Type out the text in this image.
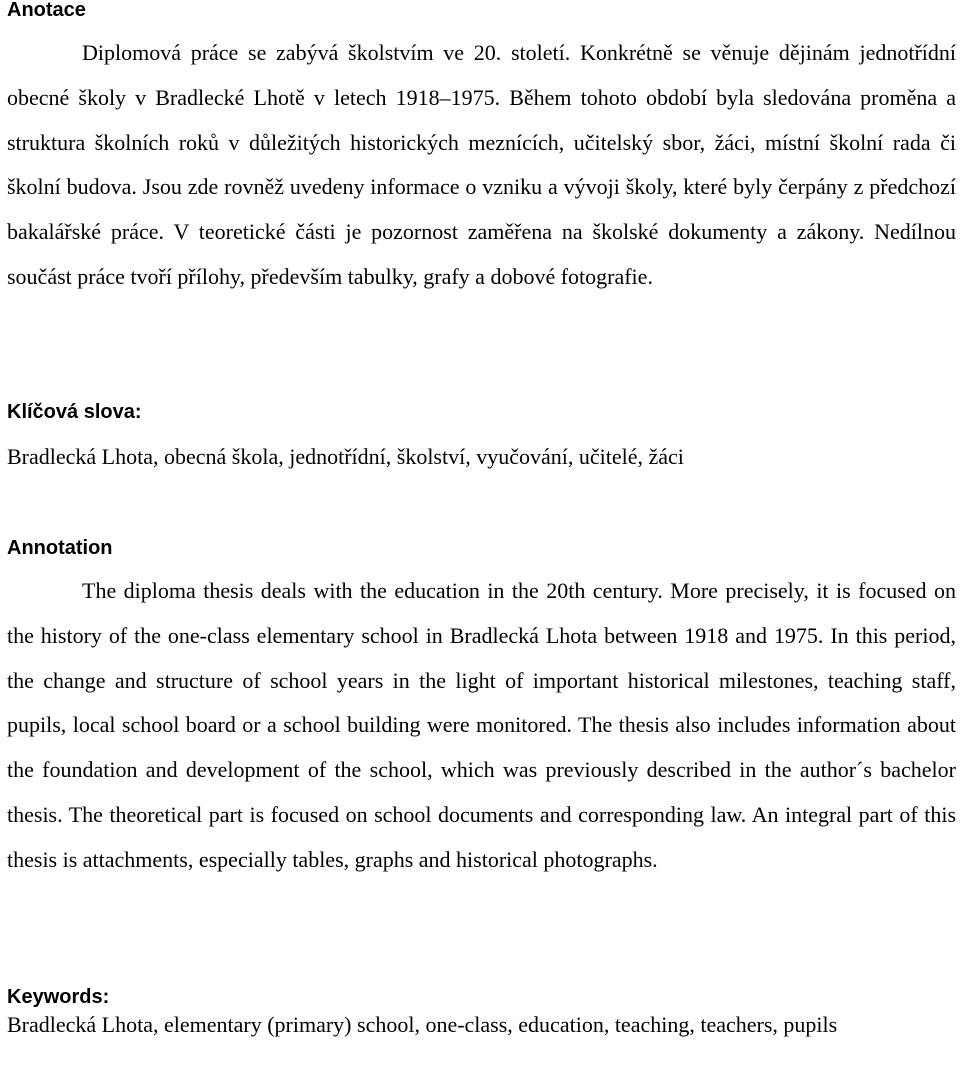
Anotace

Diplomová práce se zabývá školstvím ve 20. století. Konkrétně se věnuje dějinám jednotřídní obecné školy v Bradlecké Lhotě v letech 1918–1975. Během tohoto období byla sledována proměna a struktura školních roků v důležitých historických meznících, učitelský sbor, žáci, místní školní rada či školní budova. Jsou zde rovněž uvedeny informace o vzniku a vývoji školy, které byly čerpány z předchozí bakalářské práce. V teoretické části je pozornost zaměřena na školské dokumenty a zákony. Nedílnou součást práce tvoří přílohy, především tabulky, grafy a dobové fotografie.

Klíčová slova:

Bradlecká Lhota, obecná škola, jednotřídní, školství, vyučování, učitelé, žáci

Annotation

The diploma thesis deals with the education in the 20th century. More precisely, it is focused on the history of the one-class elementary school in Bradlecká Lhota between 1918 and 1975. In this period, the change and structure of school years in the light of important historical milestones, teaching staff, pupils, local school board or a school building were monitored. The thesis also includes information about the foundation and development of the school, which was previously described in the author´s bachelor thesis. The theoretical part is focused on school documents and corresponding law. An integral part of this thesis is attachments, especially tables, graphs and historical photographs.

Keywords:

Bradlecká Lhota, elementary (primary) school, one-class, education, teaching, teachers, pupils
